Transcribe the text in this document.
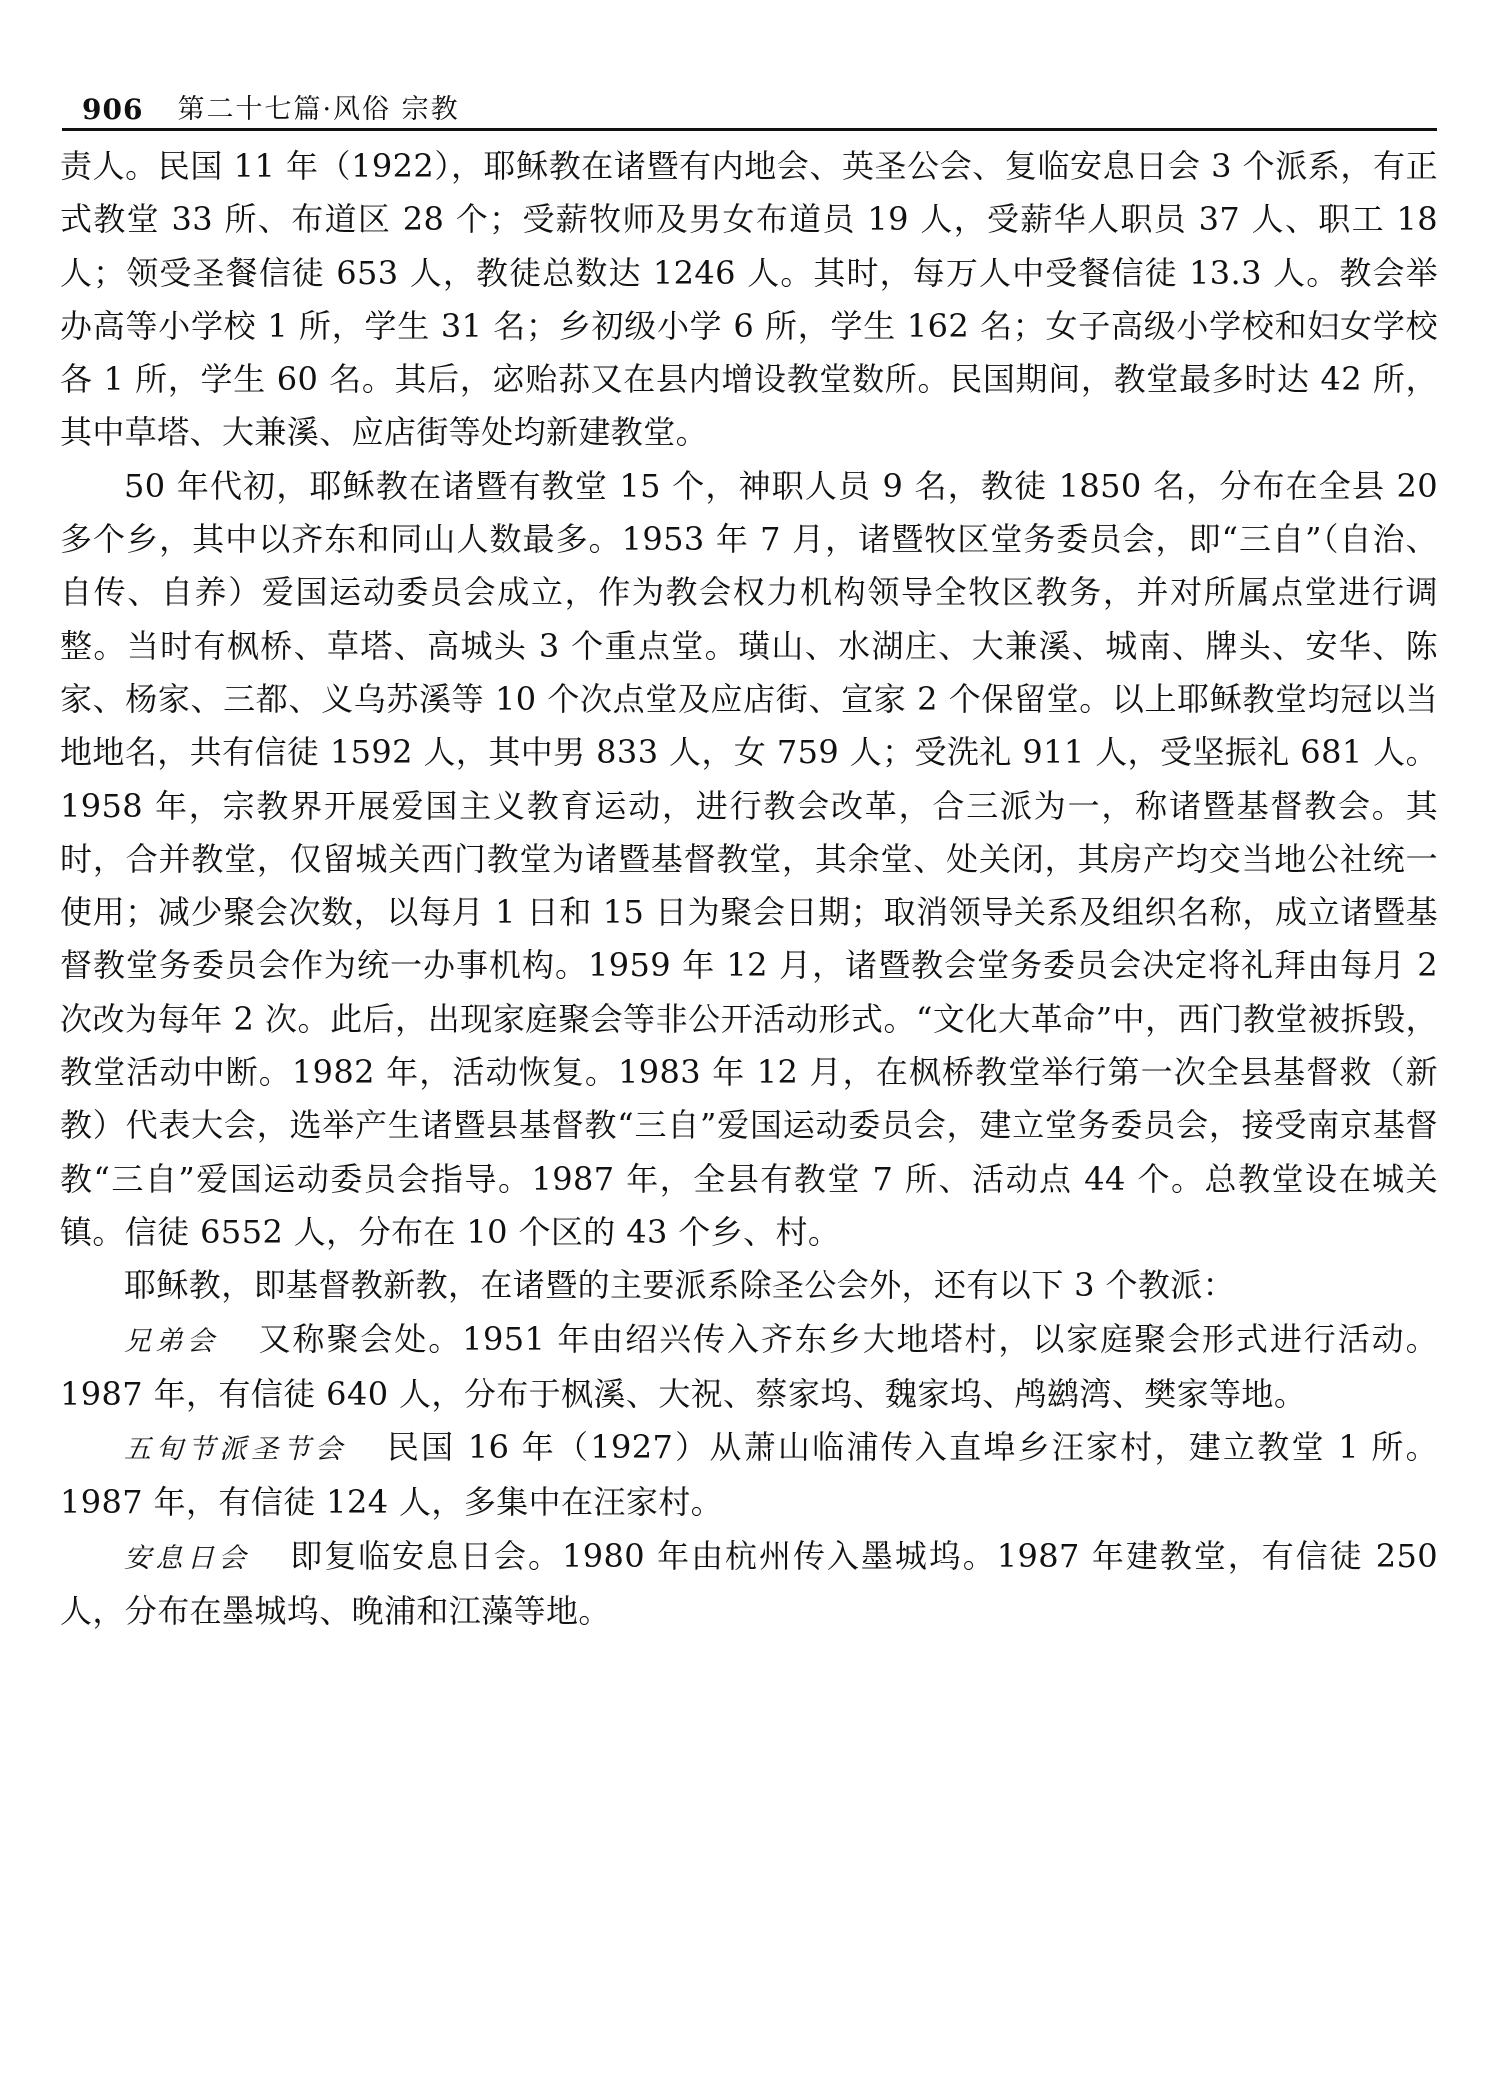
906 第二十七篇·风俗 宗教

责人。民国 11 年（1922），耶稣教在诸暨有内地会、英圣公会、复临安息日会 3 个派系，有正式教堂 33 所、布道区 28 个；受薪牧师及男女布道员 19 人，受薪华人职员 37 人、职工 18 人；领受圣餐信徒 653 人，教徒总数达 1246 人。其时，每万人中受餐信徒 13.3 人。教会举办高等小学校 1 所，学生 31 名；乡初级小学 6 所，学生 162 名；女子高级小学校和妇女学校各 1 所，学生 60 名。其后，宓贻荪又在县内增设教堂数所。民国期间，教堂最多时达 42 所，其中草塔、大兼溪、应店街等处均新建教堂。

50 年代初，耶稣教在诸暨有教堂 15 个，神职人员 9 名，教徒 1850 名，分布在全县 20 多个乡，其中以齐东和同山人数最多。1953 年 7 月，诸暨牧区堂务委员会，即“三自”（自治、自传、自养）爱国运动委员会成立，作为教会权力机构领导全牧区教务，并对所属点堂进行调整。当时有枫桥、草塔、高城头 3 个重点堂。璜山、水湖庄、大兼溪、城南、牌头、安华、陈家、杨家、三都、义乌苏溪等 10 个次点堂及应店街、宣家 2 个保留堂。以上耶稣教堂均冠以当地地名，共有信徒 1592 人，其中男 833 人，女 759 人；受洗礼 911 人，受坚振礼 681 人。1958 年，宗教界开展爱国主义教育运动，进行教会改革，合三派为一，称诸暨基督教会。其时，合并教堂，仅留城关西门教堂为诸暨基督教堂，其余堂、处关闭，其房产均交当地公社统一使用；减少聚会次数，以每月 1 日和 15 日为聚会日期；取消领导关系及组织名称，成立诸暨基督教堂务委员会作为统一办事机构。1959 年 12 月，诸暨教会堂务委员会决定将礼拜由每月 2 次改为每年 2 次。此后，出现家庭聚会等非公开活动形式。“文化大革命”中，西门教堂被拆毁，教堂活动中断。1982 年，活动恢复。1983 年 12 月，在枫桥教堂举行第一次全县基督救（新教）代表大会，选举产生诸暨县基督教“三自”爱国运动委员会，建立堂务委员会，接受南京基督教“三自”爱国运动委员会指导。1987 年，全县有教堂 7 所、活动点 44 个。总教堂设在城关镇。信徒 6552 人，分布在 10 个区的 43 个乡、村。

耶稣教，即基督教新教，在诸暨的主要派系除圣公会外，还有以下 3 个教派：

兄弟会 又称聚会处。1951 年由绍兴传入齐东乡大地塔村，以家庭聚会形式进行活动。1987 年，有信徒 640 人，分布于枫溪、大祝、蔡家坞、魏家坞、鸬鹚湾、樊家等地。

五旬节派圣节会 民国 16 年（1927）从萧山临浦传入直埠乡汪家村，建立教堂 1 所。1987 年，有信徒 124 人，多集中在汪家村。

安息日会 即复临安息日会。1980 年由杭州传入墨城坞。1987 年建教堂，有信徒 250 人，分布在墨城坞、晚浦和江藻等地。
